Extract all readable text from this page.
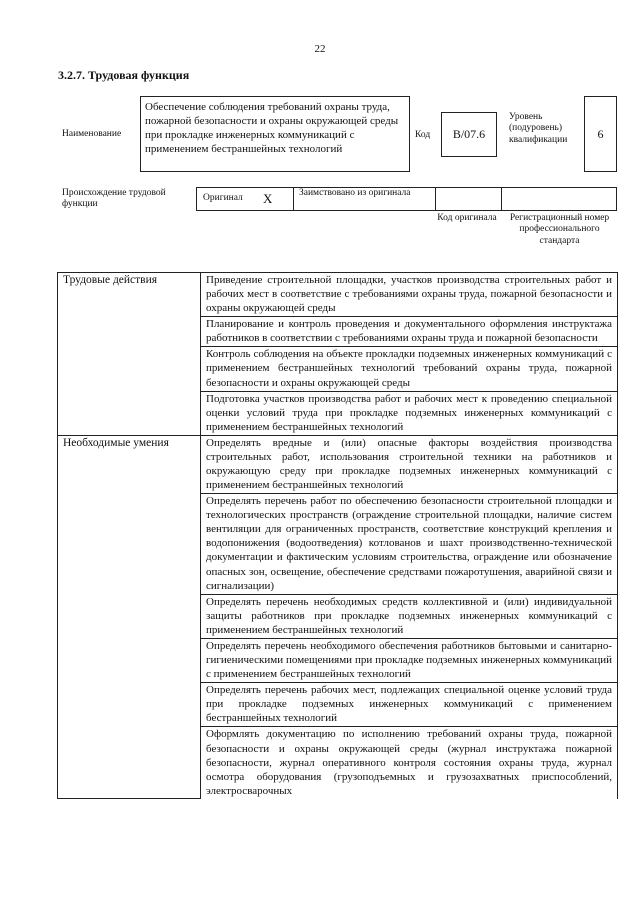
22
3.2.7. Трудовая функция
Наименование
Обеспечение соблюдения требований охраны труда, пожарной безопасности и охраны окружающей среды при прокладке инженерных коммуникаций с применением бестраншейных технологий
Код B/07.6
Уровень (подуровень) квалификации	6
Происхождение трудовой функции
Оригинал X	Заимствовано из оригинала
Код оригинала	Регистрационный номер профессионального стандарта
Трудовые действия	Приведение строительной площадки, участков производства строительных работ и рабочих мест в соответствие с требованиями охраны труда, пожарной безопасности и охраны окружающей среды
	Планирование и контроль проведения и документального оформления инструктажа работников в соответствии с требованиями охраны труда и пожарной безопасности
	Контроль соблюдения на объекте прокладки подземных инженерных коммуникаций с применением бестраншейных технологий требований охраны труда, пожарной безопасности и охраны окружающей среды
	Подготовка участков производства работ и рабочих мест к проведению специальной оценки условий труда при прокладке подземных инженерных коммуникаций с применением бестраншейных технологий
Необходимые умения	Определять вредные и (или) опасные факторы воздействия производства строительных работ, использования строительной техники на работников и окружающую среду при прокладке подземных инженерных коммуникаций с применением бестраншейных технологий
	Определять перечень работ по обеспечению безопасности строительной площадки и технологических пространств (ограждение строительной площадки, наличие систем вентиляции для ограниченных пространств, соответствие конструкций крепления и водопонижения (водоотведения) котлованов и шахт производственно-технической документации и фактическим условиям строительства, ограждение или обозначение опасных зон, освещение, обеспечение средствами пожаротушения, аварийной связи и сигнализации)
	Определять перечень необходимых средств коллективной и (или) индивидуальной защиты работников при прокладке подземных инженерных коммуникаций с применением бестраншейных технологий
	Определять перечень необходимого обеспечения работников бытовыми и санитарно-гигиеническими помещениями при прокладке подземных инженерных коммуникаций с применением бестраншейных технологий
	Определять перечень рабочих мест, подлежащих специальной оценке условий труда при прокладке подземных инженерных коммуникаций с применением бестраншейных технологий
	Оформлять документацию по исполнению требований охраны труда, пожарной безопасности и охраны окружающей среды (журнал инструктажа пожарной безопасности, журнал оперативного контроля состояния охраны труда, журнал осмотра оборудования (грузоподъемных и грузозахватных приспособлений, электросварочных
